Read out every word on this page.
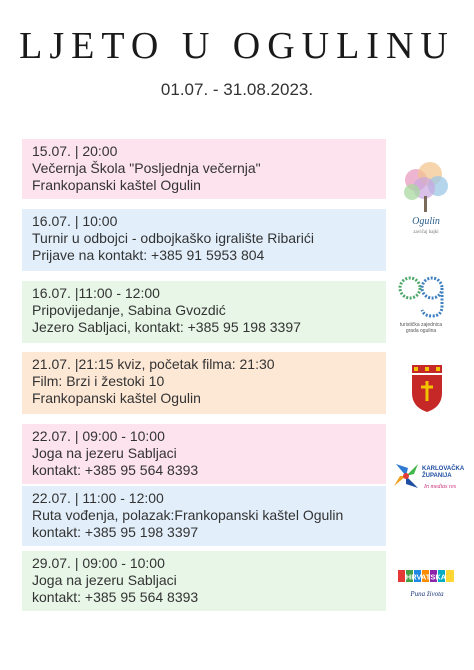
LJETO U OGULINU
01.07. - 31.08.2023.
15.07. | 20:00
Večernja Škola "Posljednja večernja"
Frankopanski kaštel Ogulin
16.07. | 10:00
Turnir u odbojci - odbojkaško igralište Ribarići
Prijave na kontakt: +385 91 5953 804
16.07. |11:00 - 12:00
Pripovijedanje, Sabina Gvozdić
Jezero Sabljaci, kontakt: +385 95 198 3397
21.07. |21:15 kviz, početak filma: 21:30
Film: Brzi i žestoki 10
Frankopanski kaštel Ogulin
22.07. | 09:00 - 10:00
Joga na jezeru Sabljaci
kontakt: +385 95 564 8393
22.07. | 11:00 - 12:00
Ruta vođenja, polazak:Frankopanski kaštel Ogulin
kontakt: +385 95 198 3397
29.07. | 09:00 - 10:00
Joga na jezeru Sabljaci
kontakt: +385 95 564 8393
Ogulin
zavičaj bajki
turistička zajednica grada ogulina
KARLOVAČKA
ŽUPANIJA
In medias res
HRVATSKA
Puna života
